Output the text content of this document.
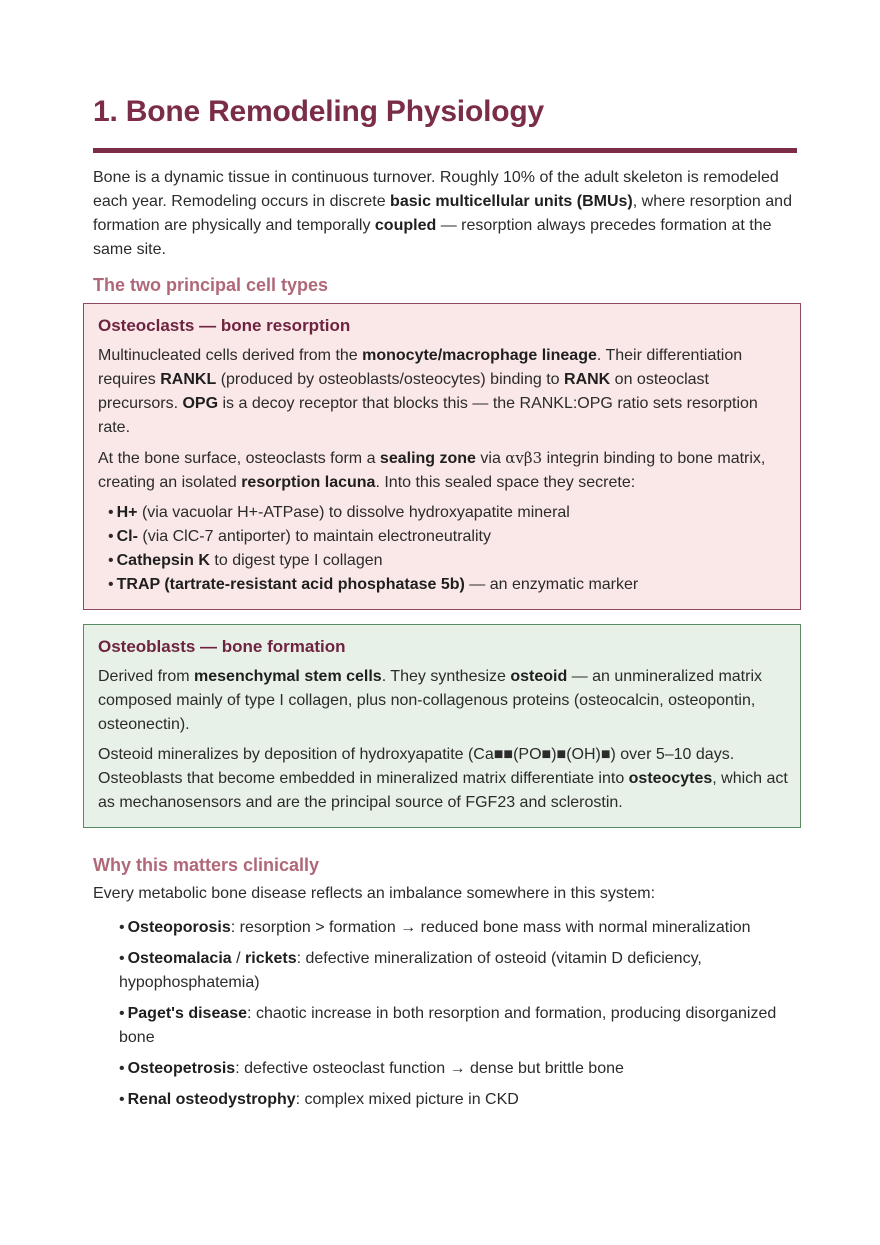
1. Bone Remodeling Physiology

Bone is a dynamic tissue in continuous turnover. Roughly 10% of the adult skeleton is remodeled each year. Remodeling occurs in discrete basic multicellular units (BMUs), where resorption and formation are physically and temporally coupled — resorption always precedes formation at the same site.

The two principal cell types
Osteoclasts — bone resorption

Multinucleated cells derived from the monocyte/macrophage lineage. Their differentiation requires RANKL (produced by osteoblasts/osteocytes) binding to RANK on osteoclast precursors. OPG is a decoy receptor that blocks this — the RANKL:OPG ratio sets resorption rate.

At the bone surface, osteoclasts form a sealing zone via αvβ3 integrin binding to bone matrix, creating an isolated resorption lacuna. Into this sealed space they secrete:

• H+ (via vacuolar H+-ATPase) to dissolve hydroxyapatite mineral
• Cl- (via ClC-7 antiporter) to maintain electroneutrality
• Cathepsin K to digest type I collagen
• TRAP (tartrate-resistant acid phosphatase 5b) — an enzymatic marker
Osteoblasts — bone formation

Derived from mesenchymal stem cells. They synthesize osteoid — an unmineralized matrix composed mainly of type I collagen, plus non-collagenous proteins (osteocalcin, osteopontin, osteonectin).

Osteoid mineralizes by deposition of hydroxyapatite (Ca■■(PO■)■(OH)■) over 5–10 days. Osteoblasts that become embedded in mineralized matrix differentiate into osteocytes, which act as mechanosensors and are the principal source of FGF23 and sclerostin.

Why this matters clinically

Every metabolic bone disease reflects an imbalance somewhere in this system:

• Osteoporosis: resorption > formation → reduced bone mass with normal mineralization
• Osteomalacia / rickets: defective mineralization of osteoid (vitamin D deficiency, hypophosphatemia)
• Paget's disease: chaotic increase in both resorption and formation, producing disorganized bone
• Osteopetrosis: defective osteoclast function → dense but brittle bone
• Renal osteodystrophy: complex mixed picture in CKD
